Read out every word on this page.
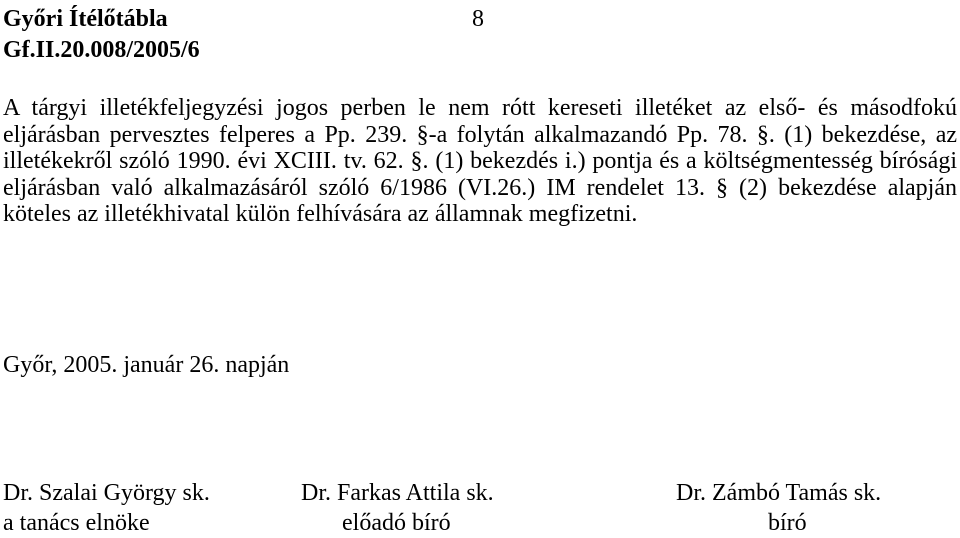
Győri Ítélőtábla
Gf.II.20.008/2005/6
8
A tárgyi illetékfeljegyzési jogos perben le nem rótt kereseti illetéket az első- és másodfokú eljárásban pervesztes felperes a Pp. 239. §-a folytán alkalmazandó Pp. 78. §. (1) bekezdése, az illetékekről szóló 1990. évi XCIII. tv. 62. §. (1) bekezdés i.) pontja és a költségmentesség bírósági eljárásban való alkalmazásáról szóló 6/1986 (VI.26.) IM rendelet 13. § (2) bekezdése alapján köteles az illetékhivatal külön felhívására az államnak megfizetni.
Győr, 2005. január 26. napján
Dr. Szalai György sk.
a tanács elnöke
Dr. Farkas Attila sk.
előadó bíró
Dr. Zámbó Tamás sk.
bíró
